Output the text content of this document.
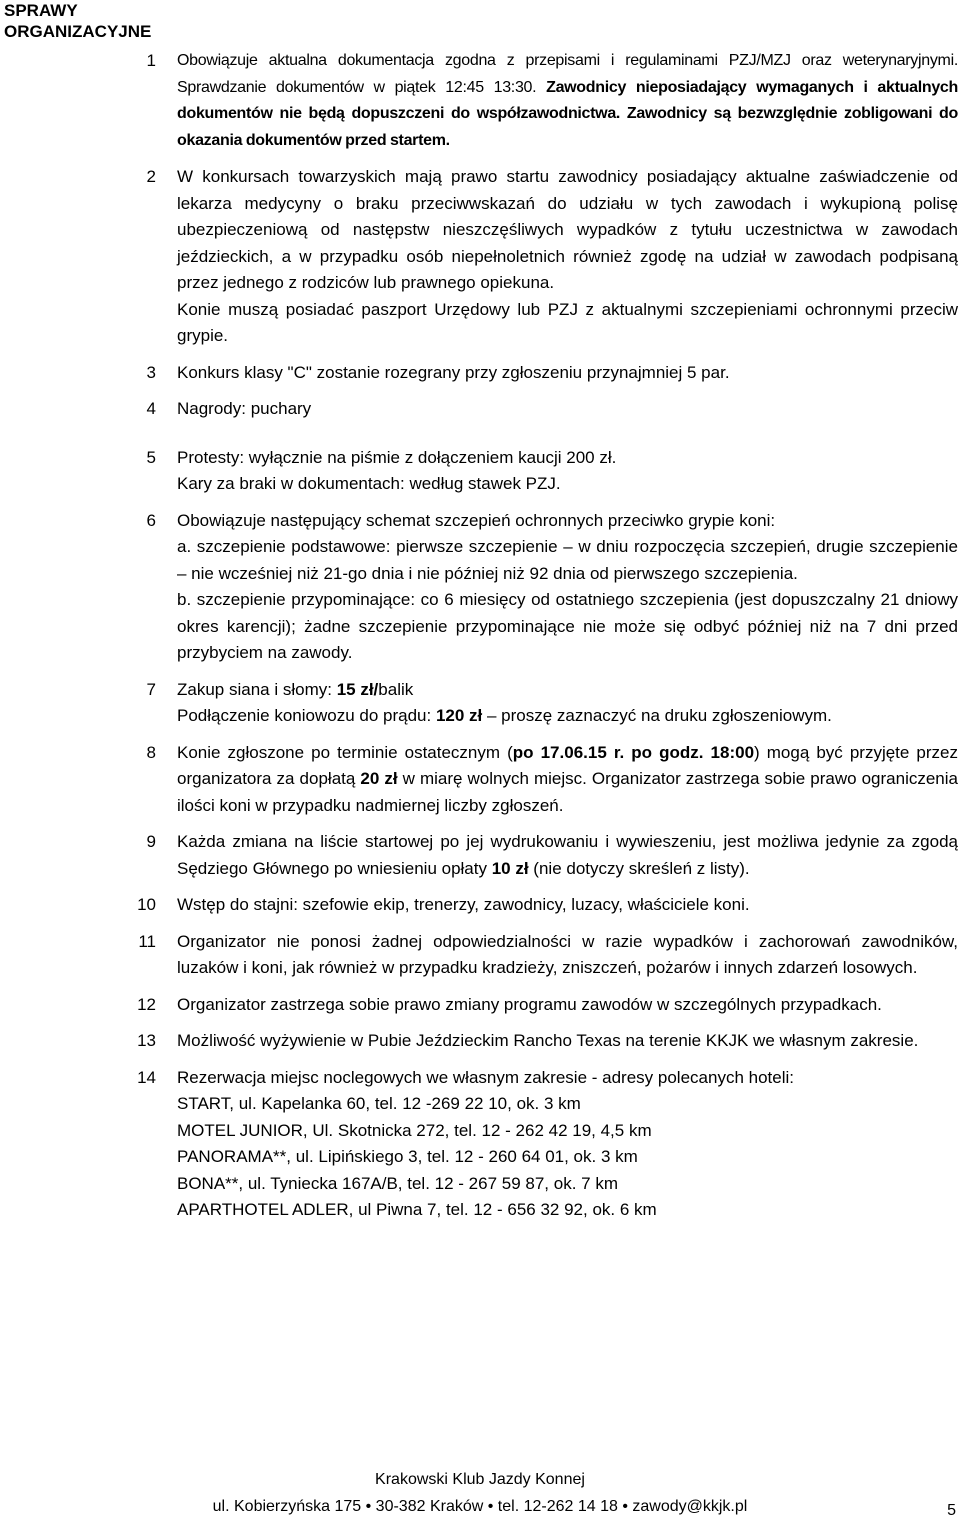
SPRAWY
ORGANIZACYJNE
1 Obowiązuje aktualna dokumentacja zgodna z przepisami i regulaminami PZJ/MZJ oraz weterynaryjnymi. Sprawdzanie dokumentów w piątek 12:45 13:30. Zawodnicy nieposiadający wymaganych i aktualnych dokumentów nie będą dopuszczeni do współzawodnictwa. Zawodnicy są bezwzględnie zobligowani do okazania dokumentów przed startem.
2 W konkursach towarzyskich mają prawo startu zawodnicy posiadający aktualne zaświadczenie od lekarza medycyny o braku przeciwwskazań do udziału w tych zawodach i wykupioną polisę ubezpieczeniową od następstw nieszczęśliwych wypadków z tytułu uczestnictwa w zawodach jeździeckich, a w przypadku osób niepełnoletnich również zgodę na udział w zawodach podpisaną przez jednego z rodziców lub prawnego opiekuna.
Konie muszą posiadać paszport Urzędowy lub PZJ z aktualnymi szczepieniami ochronnymi przeciw grypie.
3 Konkurs klasy "C" zostanie rozegrany przy zgłoszeniu przynajmniej 5 par.
4 Nagrody: puchary
5 Protesty: wyłącznie na piśmie z dołączeniem kaucji 200 zł.
Kary za braki w dokumentach: według stawek PZJ.
6 Obowiązuje następujący schemat szczepień ochronnych przeciwko grypie koni:
a. szczepienie podstawowe: pierwsze szczepienie – w dniu rozpoczęcia szczepień, drugie szczepienie – nie wcześniej niż 21-go dnia i nie później niż 92 dnia od pierwszego szczepienia.
b. szczepienie przypominające: co 6 miesięcy od ostatniego szczepienia (jest dopuszczalny 21 dniowy okres karencji); żadne szczepienie przypominające nie może się odbyć później niż na 7 dni przed przybyciem na zawody.
7 Zakup siana i słomy: 15 zł/balik
Podłączenie koniowozu do prądu: 120 zł – proszę zaznaczyć na druku zgłoszeniowym.
8 Konie zgłoszone po terminie ostatecznym (po 17.06.15 r. po godz. 18:00) mogą być przyjęte przez organizatora za dopłatą 20 zł w miarę wolnych miejsc. Organizator zastrzega sobie prawo ograniczenia ilości koni w przypadku nadmiernej liczby zgłoszeń.
9 Każda zmiana na liście startowej po jej wydrukowaniu i wywieszeniu, jest możliwa jedynie za zgodą Sędziego Głównego po wniesieniu opłaty 10 zł (nie dotyczy skreśleń z listy).
10 Wstęp do stajni: szefowie ekip, trenerzy, zawodnicy, luzacy, właściciele koni.
11 Organizator nie ponosi żadnej odpowiedzialności w razie wypadków i zachorowań zawodników, luzaków i koni, jak również w przypadku kradzieży, zniszczeń, pożarów i innych zdarzeń losowych.
12 Organizator zastrzega sobie prawo zmiany programu zawodów w szczególnych przypadkach.
13 Możliwość wyżywienie w Pubie Jeździeckim Rancho Texas na terenie KKJK we własnym zakresie.
14 Rezerwacja miejsc noclegowych we własnym zakresie - adresy polecanych hoteli:
START, ul. Kapelanka 60, tel. 12 -269 22 10, ok. 3 km
MOTEL JUNIOR, Ul. Skotnicka 272, tel. 12 - 262 42 19, 4,5 km
PANORAMA**, ul. Lipińskiego 3, tel. 12 - 260 64 01, ok. 3 km
BONA**, ul. Tyniecka 167A/B, tel. 12 - 267 59 87, ok. 7 km
APARTHOTEL ADLER, ul Piwna 7, tel. 12 - 656 32 92, ok. 6 km
Krakowski Klub Jazdy Konnej
ul. Kobierzyńska 175 • 30-382 Kraków • tel. 12-262 14 18 • zawody@kkjk.pl	5
